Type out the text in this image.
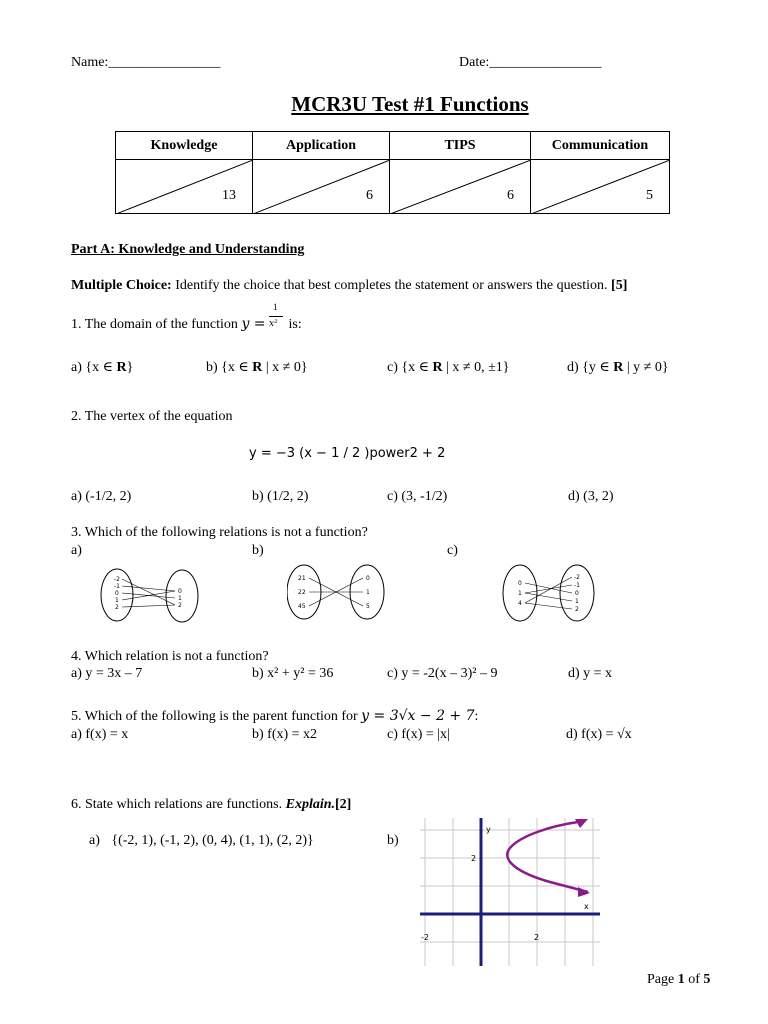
Name:________________	Date:________________
MCR3U Test #1 Functions
Knowledge	Application	TIPS	Communication

13	6	6	5
Part A: Knowledge and Understanding
Multiple Choice: Identify the choice that best completes the statement or answers the question. [5]
1. The domain of the function $y = \frac{1}{\text{x²}}$ is:
a) {x ∈ R}	b) {x ∈ R | x ≠ 0}	c) {x ∈ R | x ≠ 0, ±1}	d) {y ∈ R | y ≠ 0}
2. The vertex of the equation
y = −3 (x − 1 / 2 )power2 + 2
a) (-1/2, 2)	b) (1/2, 2)	c) (3, -1/2)	d) (3, 2)
3. Which of the following relations is not a function?
a)	b)	c)
-2
-1
0
1
2
0
1
2
21
22
45
0
1
5
0
1
4
-2
-1
0
1
2
4. Which relation is not a function?
a) y = 3x – 7	b) x² + y² = 36	c) y = -2(x – 3)² – 9	d) y = x
5. Which of the following is the parent function for y = 3√x − 2 + 7:
a) f(x) = x	b) f(x) = x2	c) f(x) = |x|	d) f(x) = √x
6. State which relations are functions. Explain.[2]
a) {(-2, 1), (-1, 2), (0, 4), (1, 1), (2, 2)}	b)
y
x
-2	2
2
Page 1 of 5
